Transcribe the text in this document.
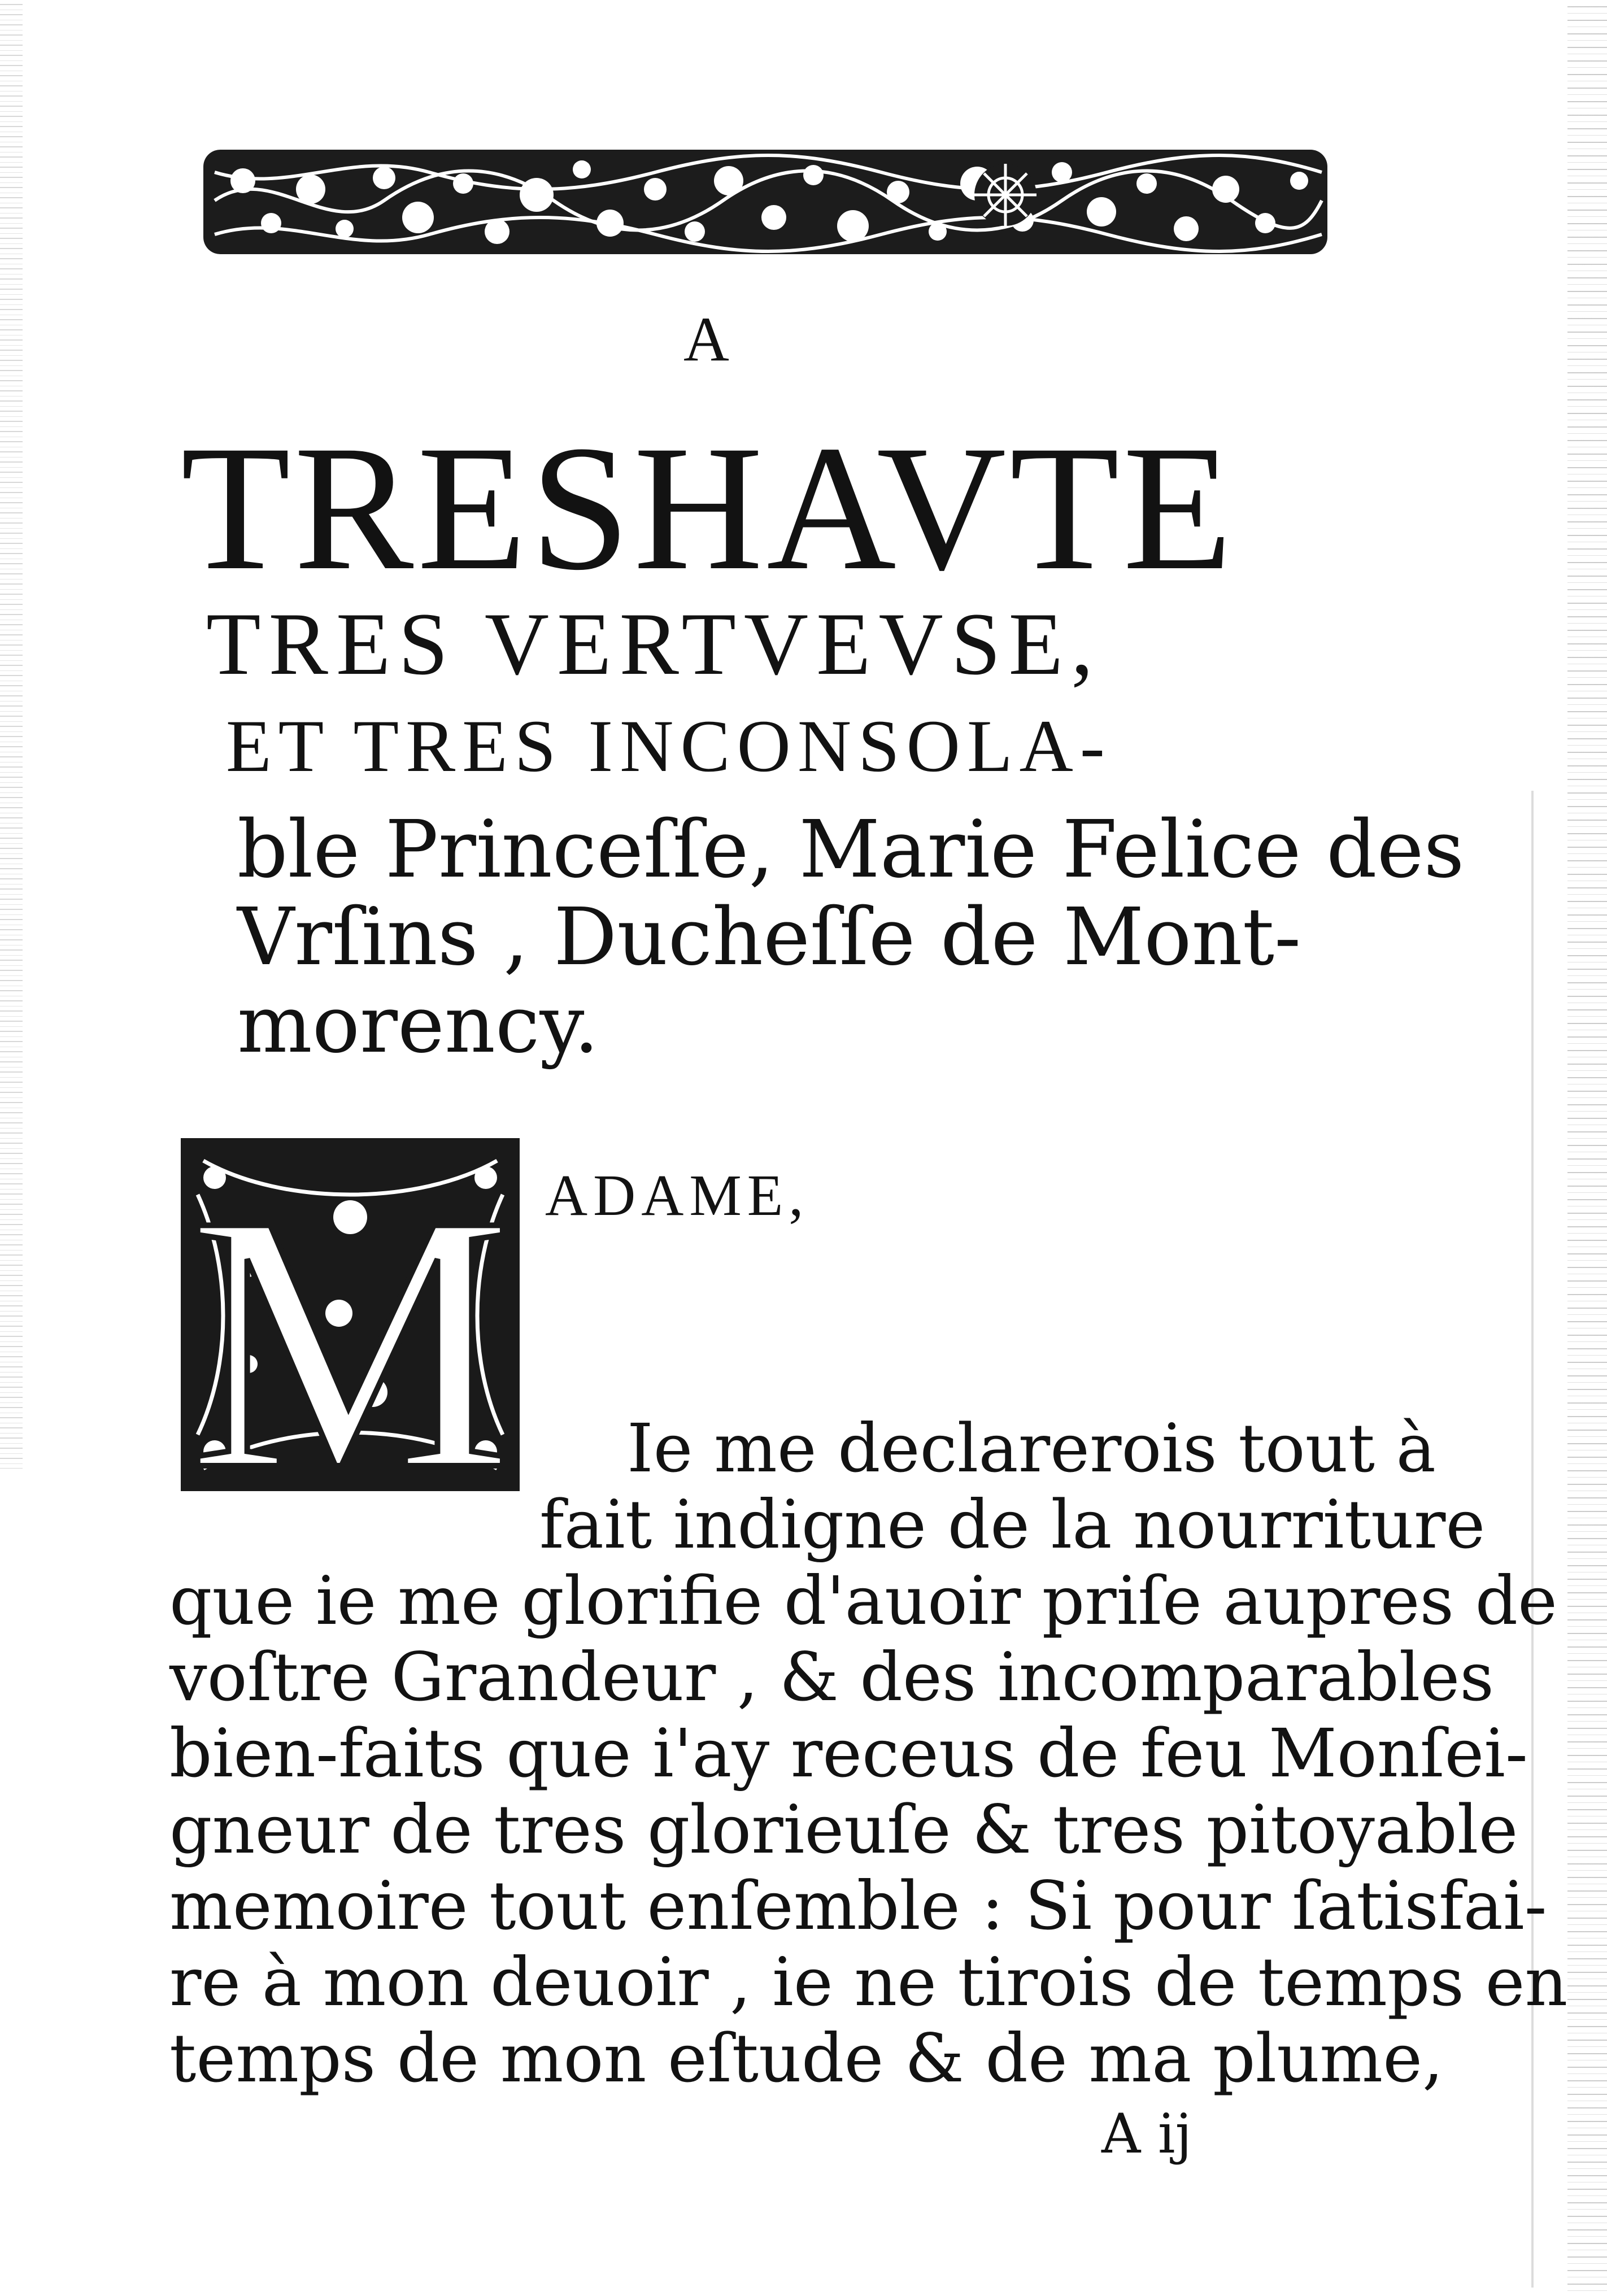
A
TRESHAVTE
TRES VERTVEVSE,
ET TRES INCONSOLA-
ble Princeſſe, Marie Felice des
Vrſins , Ducheſſe de Mont-
morency.
M ADAME,
Ie me declarerois tout à
fait indigne de la nourriture
que ie me glorifie d'auoir priſe aupres de
voſtre Grandeur , & des incomparables
bien-faits que i'ay receus de feu Monſei-
gneur de tres glorieuſe & tres pitoyable
memoire tout enſemble : Si pour ſatisfai-
re à mon deuoir , ie ne tirois de temps en
temps de mon eſtude & de ma plume,
A ij
